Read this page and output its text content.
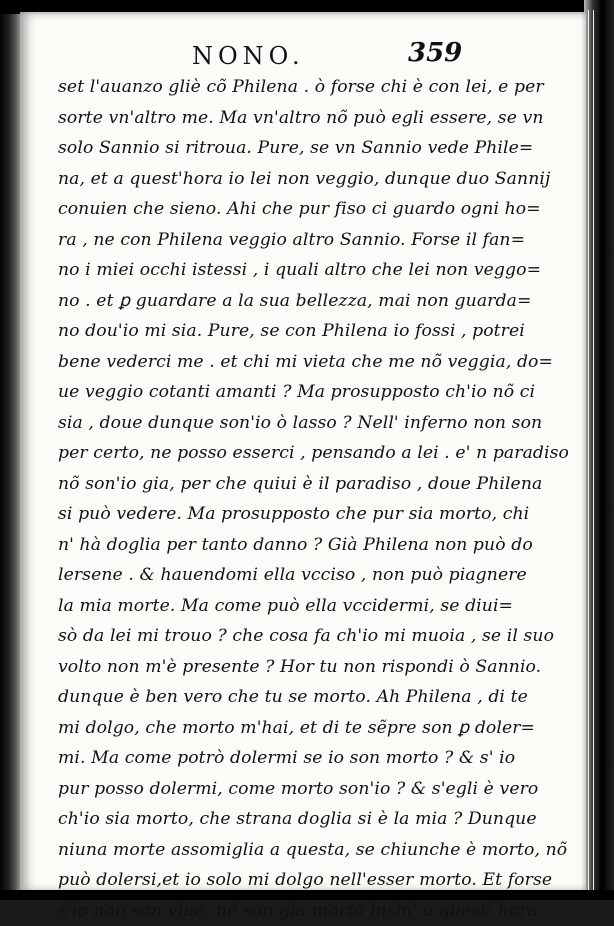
NONO.	359
set l'auanzo gliè cõ Philena . ò forse chi è con lei, e per
sorte vn'altro me. Ma vn'altro nõ può egli essere, se vn
solo Sannio si ritroua. Pure, se vn Sannio vede Phile=
na, et a quest'hora io lei non veggio, dunque duo Sannij
conuien che sieno. Ahi che pur fiso ci guardo ogni ho=
ra , ne con Philena veggio altro Sannio. Forse il fan=
no i miei occhi istessi , i quali altro che lei non veggo=
no . et ꝑ guardare a la sua bellezza, mai non guarda=
no dou'io mi sia. Pure, se con Philena io fossi , potrei
bene vederci me . et chi mi vieta che me nõ veggia, do=
ue veggio cotanti amanti ? Ma prosupposto ch'io nõ ci
sia , doue dunque son'io ò lasso ? Nell' inferno non son
per certo, ne posso esserci , pensando a lei . e' n paradiso
nõ son'io gia, per che quiui è il paradiso , doue Philena
si può vedere. Ma prosupposto che pur sia morto, chi
n' hà doglia per tanto danno ? Già Philena non può do
lersene . & hauendomi ella vcciso , non può piagnere
la mia morte. Ma come può ella vccidermi, se diui=
sò da lei mi trouo ? che cosa fa ch'io mi muoia , se il suo
volto non m'è presente ? Hor tu non rispondi ò Sannio.
dunque è ben vero che tu se morto. Ah Philena , di te
mi dolgo, che morto m'hai, et di te sẽpre son ꝑ doler=
mi. Ma come potrò dolermi se io son morto ? & s' io
pur posso dolermi, come morto son'io ? & s'egli è vero
ch'io sia morto, che strana doglia si è la mia ? Dunque
niuna morte assomiglia a questa, se chiunche è morto, nõ
può dolersi,et io solo mi dolgo nell'esser morto. Et forse
s'io non son viuo, nõ son gia morto insin' a quest' hora.
